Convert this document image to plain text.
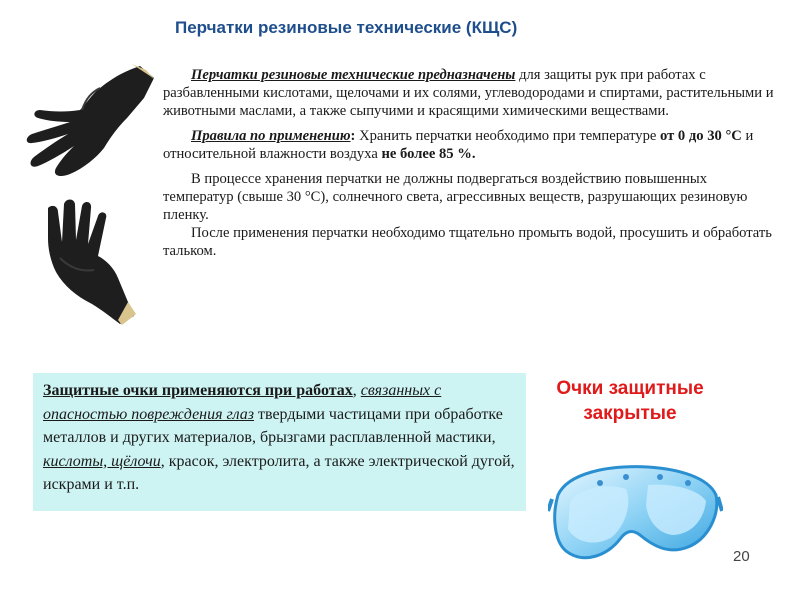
Перчатки резиновые технические (КЩС)

Перчатки резиновые технические предназначены для защиты рук при работах с разбавленными кислотами, щелочами и их солями, углеводородами и спиртами, растительными и животными маслами, а также сыпучими и красящими химическими веществами.

Правила по применению: Хранить перчатки необходимо при температуре от 0 до 30 °С и относительной влажности воздуха не более 85 %.

В процессе хранения перчатки не должны подвергаться воздействию повышенных температур (свыше 30 °С), солнечного света, агрессивных веществ, разрушающих резиновую пленку.
После применения перчатки необходимо тщательно промыть водой, просушить и обработать тальком.

Защитные очки применяются при работах, связанных с опасностью повреждения глаз твердыми частицами при обработке металлов и других материалов, брызгами расплавленной мастики, кислоты, щёлочи, красок, электролита, а также электрической дугой, искрами и т.п.
Очки защитные
закрытые
20
